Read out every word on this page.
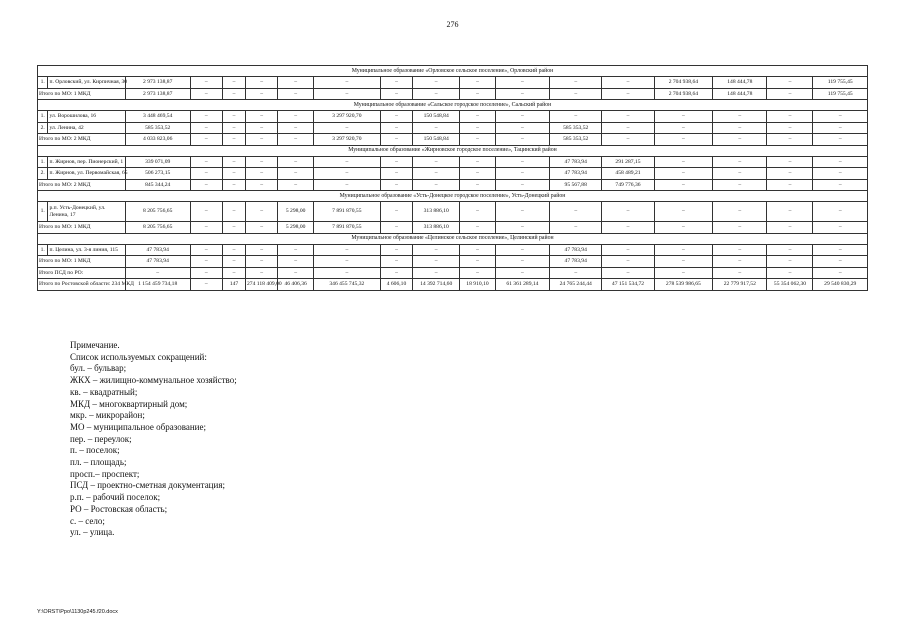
276
Муниципальное образование «Орловское сельское поселение», Орловский район																	
1.	п. Орловский, ул. Кирпичная, 30	2 973 138,87	–	–	–	–	–	–	–	–	–	–	–	2 704 938,64	148 444,78	–	119 755,45
Итого по МО: 1 МКД		2 973 138,87	–	–	–	–	–	–	–	–	–	–	–	2 704 938,64	148 444,78	–	119 755,45
Муниципальное образование «Сальское городское поселение», Сальский район																	
1.	ул. Ворошилова, 16	3 448 469,54	–	–	–	–	3 297 920,70	–	150 548,84	–	–	–	–	–	–	–	–
2.	ул. Ленина, 42	585 353,52	–	–	–	–	–	–	–	–	–	585 353,52	–	–	–	–	–
Итого по МО: 2 МКД		4 033 823,06	–	–	–	–	3 297 920,70	–	150 548,84	–	–	585 353,52	–	–	–	–	–
Муниципальное образование «Жирновское городское поселение», Тацинский район																	
1.	п. Жирнов, пер. Пионерский, 1	339 071,09	–	–	–	–	–	–	–	–	–	47 783,94	291 287,15	–	–	–	–
2.	п. Жирнов, ул. Первомайская, 65	506 273,15	–	–	–	–	–	–	–	–	–	47 783,94	458 489,21	–	–	–	–
Итого по МО: 2 МКД		845 344,24	–	–	–	–	–	–	–	–	–	95 567,88	749 776,36	–	–	–	–
Муниципальное образование «Усть-Донецкое городское поселение», Усть-Донецкий район																	
1.	р.п. Усть-Донецкий, ул. Ленина, 17	8 205 756,65	–	–	–	5 298,00	7 891 870,55	–	313 886,10	–	–	–	–	–	–	–	–
Итого по МО: 1 МКД		8 205 756,65	–	–	–	5 298,00	7 891 870,55	–	313 886,10	–	–	–	–	–	–	–	–
Муниципальное образование «Целинское сельское поселение», Целинский район																	
1.	п. Целина, ул. 3-я линия, 115	47 783,94	–	–	–	–	–	–	–	–	–	47 783,94	–	–	–	–	–
Итого по МО: 1 МКД		47 783,94	–	–	–	–	–	–	–	–	–	47 783,94	–	–	–	–	–
Итого ПСД по РО:		–	–	–	–	–	–	–	–	–	–	–	–	–	–	–	–
Итого по Ростовской области: 234 МКД		1 154 459 734,18	–	147	274 118 409,00	46 406,36	346 455 745,32	4 606,10	14 392 714,60	18 910,10	61 361 289,14	24 765 244,44	47 151 534,72	278 539 986,65	22 779 917,52	55 354 062,30	29 540 830,29
Примечание.
Список используемых сокращений:
бул. – бульвар;
ЖКХ – жилищно-коммунальное хозяйство;
кв. – квадратный;
МКД – многоквартирный дом;
мкр. – микрорайон;
МО – муниципальное образование;
пер. – переулок;
п. – поселок;
пл. – площадь;
просп.– проспект;
ПСД – проектно-сметная документация;
р.п. – рабочий поселок;
РО – Ростовская область;
с. – село;
ул. – улица.
Y:\ORST\Ppo\1130p245.f20.docx
